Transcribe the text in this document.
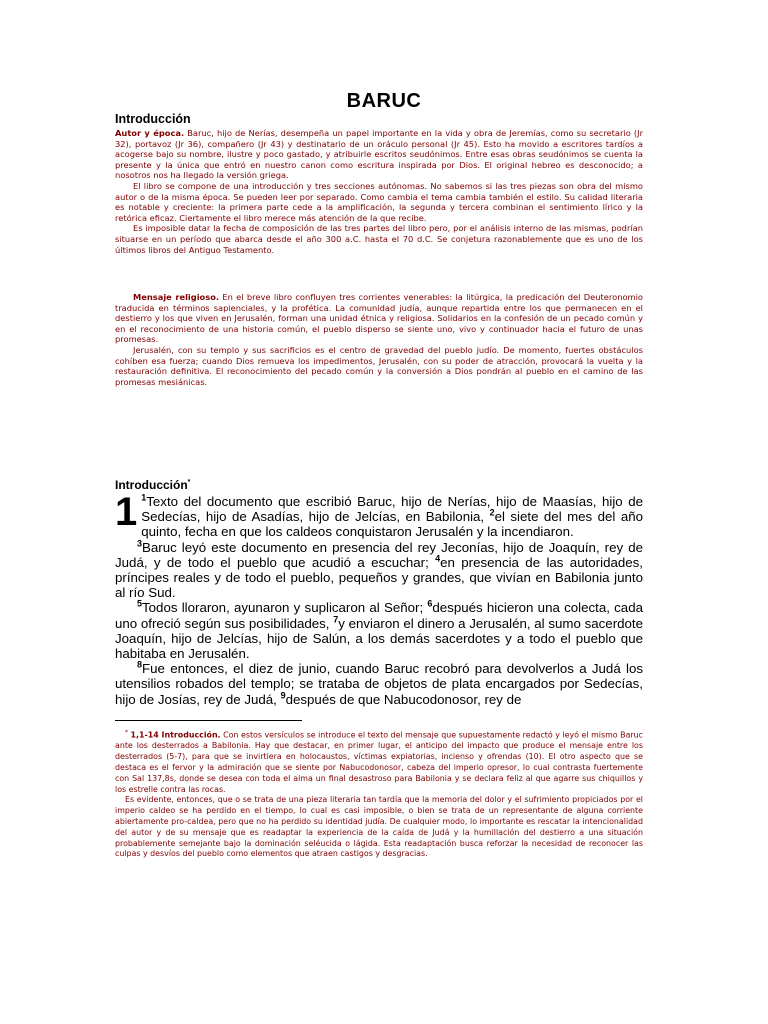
BARUC
Introducción

Autor y época. Baruc, hijo de Nerías, desempeña un papel importante en la vida y obra de Jeremías, como su secretario (Jr 32), portavoz (Jr 36), compañero (Jr 43) y destinatario de un oráculo personal (Jr 45). Esto ha movido a escritores tardíos a acogerse bajo su nombre, ilustre y poco gastado, y atribuirle escritos seudónimos. Entre esas obras seudónimos se cuenta la presente y la única que entró en nuestro canon como escritura inspirada por Dios. El original hebreo es desconocido; a nosotros nos ha llegado la versión griega.

El libro se compone de una introducción y tres secciones autónomas. No sabemos si las tres piezas son obra del mismo autor o de la misma época. Se pueden leer por separado. Como cambia el tema cambia también el estilo. Su calidad literaria es notable y creciente: la primera parte cede a la amplificación, la segunda y tercera combinan el sentimiento lírico y la retórica eficaz. Ciertamente el libro merece más atención de la que recibe.

Es imposible datar la fecha de composición de las tres partes del libro pero, por el análisis interno de las mismas, podrían situarse en un período que abarca desde el año 300 a.C. hasta el 70 d.C. Se conjetura razonablemente que es uno de los últimos libros del Antiguo Testamento.

Mensaje religioso. En el breve libro confluyen tres corrientes venerables: la litúrgica, la predicación del Deuteronomio traducida en términos sapienciales, y la profética. La comunidad judía, aunque repartida entre los que permanecen en el destierro y los que viven en Jerusalén, forman una unidad étnica y religiosa. Solidarios en la confesión de un pecado común y en el reconocimiento de una historia común, el pueblo disperso se siente uno, vivo y continuador hacia el futuro de unas promesas.

Jerusalén, con su templo y sus sacrificios es el centro de gravedad del pueblo judío. De momento, fuertes obstáculos cohíben esa fuerza; cuando Dios remueva los impedimentos, Jerusalén, con su poder de atracción, provocará la vuelta y la restauración definitiva. El reconocimiento del pecado común y la conversión a Dios pondrán al pueblo en el camino de las promesas mesiánicas.

Introducción*
1 $^1$Texto del documento que escribió Baruc, hijo de Nerías, hijo de Maasías, hijo de Sedecías, hijo de Asadías, hijo de Jelcías, en Babilonia, $^2$el siete del mes del año quinto, fecha en que los caldeos conquistaron Jerusalén y la incendiaron.

$^3$Baruc leyó este documento en presencia del rey Jeconías, hijo de Joaquín, rey de Judá, y de todo el pueblo que acudió a escuchar; $^4$en presencia de las autoridades, príncipes reales y de todo el pueblo, pequeños y grandes, que vivían en Babilonia junto al río Sud.

$^5$Todos lloraron, ayunaron y suplicaron al Señor; $^6$después hicieron una colecta, cada uno ofreció según sus posibilidades, $^7$y enviaron el dinero a Jerusalén, al sumo sacerdote Joaquín, hijo de Jelcías, hijo de Salún, a los demás sacerdotes y a todo el pueblo que habitaba en Jerusalén.

$^8$Fue entonces, el diez de junio, cuando Baruc recobró para devolverlos a Judá los utensilios robados del templo; se trataba de objetos de plata encargados por Sedecías, hijo de Josías, rey de Judá, $^9$después de que Nabucodonosor, rey de

* 1,1-14 Introducción. Con estos versículos se introduce el texto del mensaje que supuestamente redactó y leyó el mismo Baruc ante los desterrados a Babilonia. Hay que destacar, en primer lugar, el anticipo del impacto que produce el mensaje entre los desterrados (5-7), para que se invirtiera en holocaustos, víctimas expiatorias, incienso y ofrendas (10). El otro aspecto que se destaca es el fervor y la admiración que se siente por Nabucodonosor, cabeza del imperio opresor, lo cual contrasta fuertemente con Sal 137,8s, donde se desea con toda el alma un final desastroso para Babilonia y se declara feliz al que agarre sus chiquillos y los estrelle contra las rocas.

Es evidente, entonces, que o se trata de una pieza literaria tan tardía que la memoria del dolor y el sufrimiento propiciados por el imperio caldeo se ha perdido en el tiempo, lo cual es casi imposible, o bien se trata de un representante de alguna corriente abiertamente pro-caldea, pero que no ha perdido su identidad judía. De cualquier modo, lo importante es rescatar la intencionalidad del autor y de su mensaje que es readaptar la experiencia de la caída de Judá y la humillación del destierro a una situación probablemente semejante bajo la dominación seléucida o lágida. Esta readaptación busca reforzar la necesidad de reconocer las culpas y desvíos del pueblo como elementos que atraen castigos y desgracias.
